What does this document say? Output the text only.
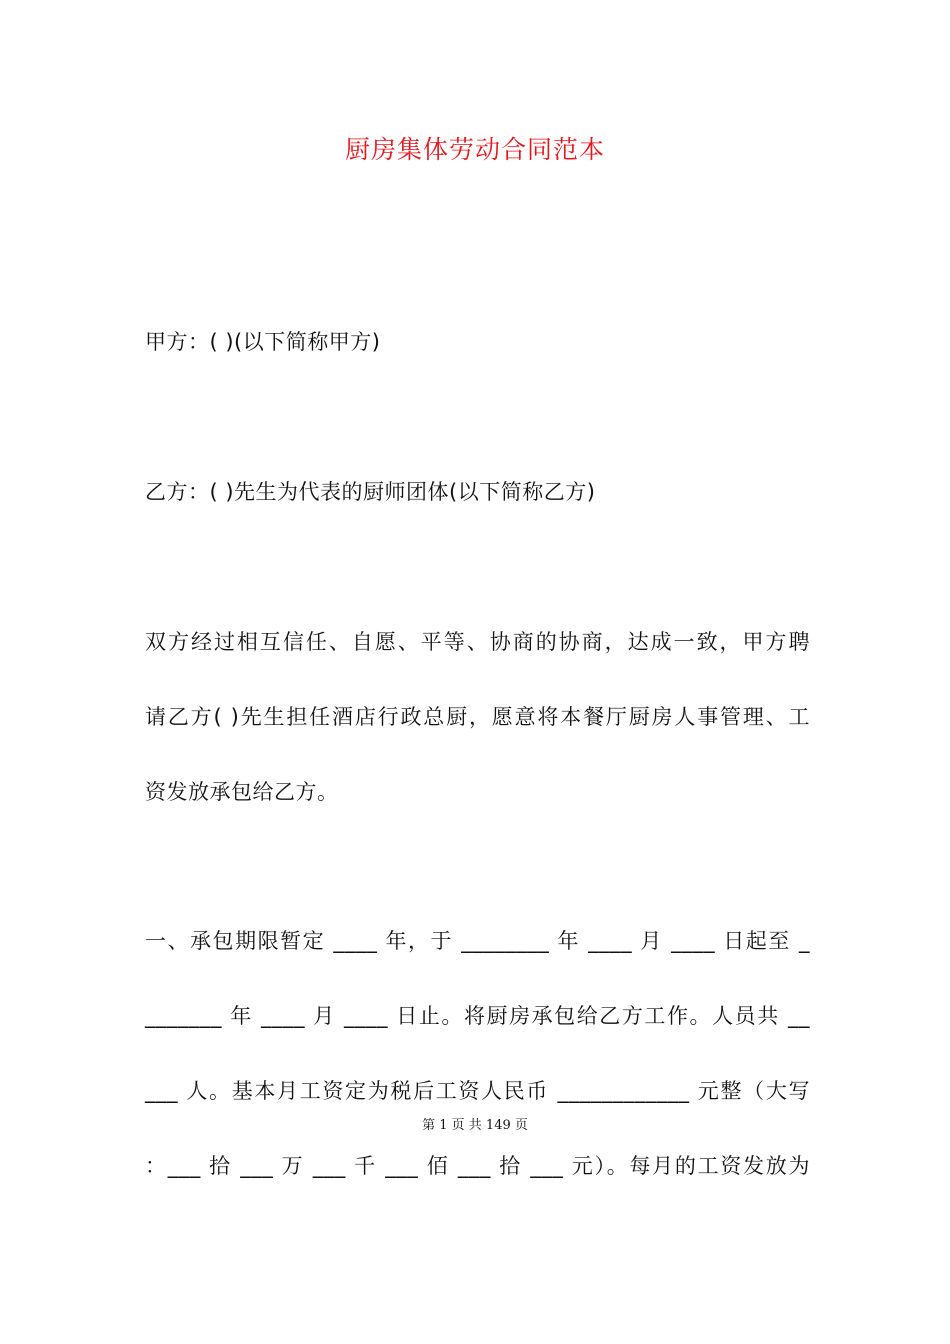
厨房集体劳动合同范本
甲方：( )(以下简称甲方)
乙方：( )先生为代表的厨师团体(以下简称乙方)
双方经过相互信任、自愿、平等、协商的协商，达成一致，甲方聘
请乙方( )先生担任酒店行政总厨，愿意将本餐厅厨房人事管理、工
资发放承包给乙方。
一、承包期限暂定 ____ 年，于 ________ 年 ____ 月 ____ 日起至 _
_______ 年 ____ 月 ____ 日止。将厨房承包给乙方工作。人员共 __
___ 人。基本月工资定为税后工资人民币 ____________ 元整（大写
第 1 页 共 149 页
：___ 拾 ___ 万 ___ 千 ___ 佰 ___ 拾 ___ 元）。每月的工资发放为
